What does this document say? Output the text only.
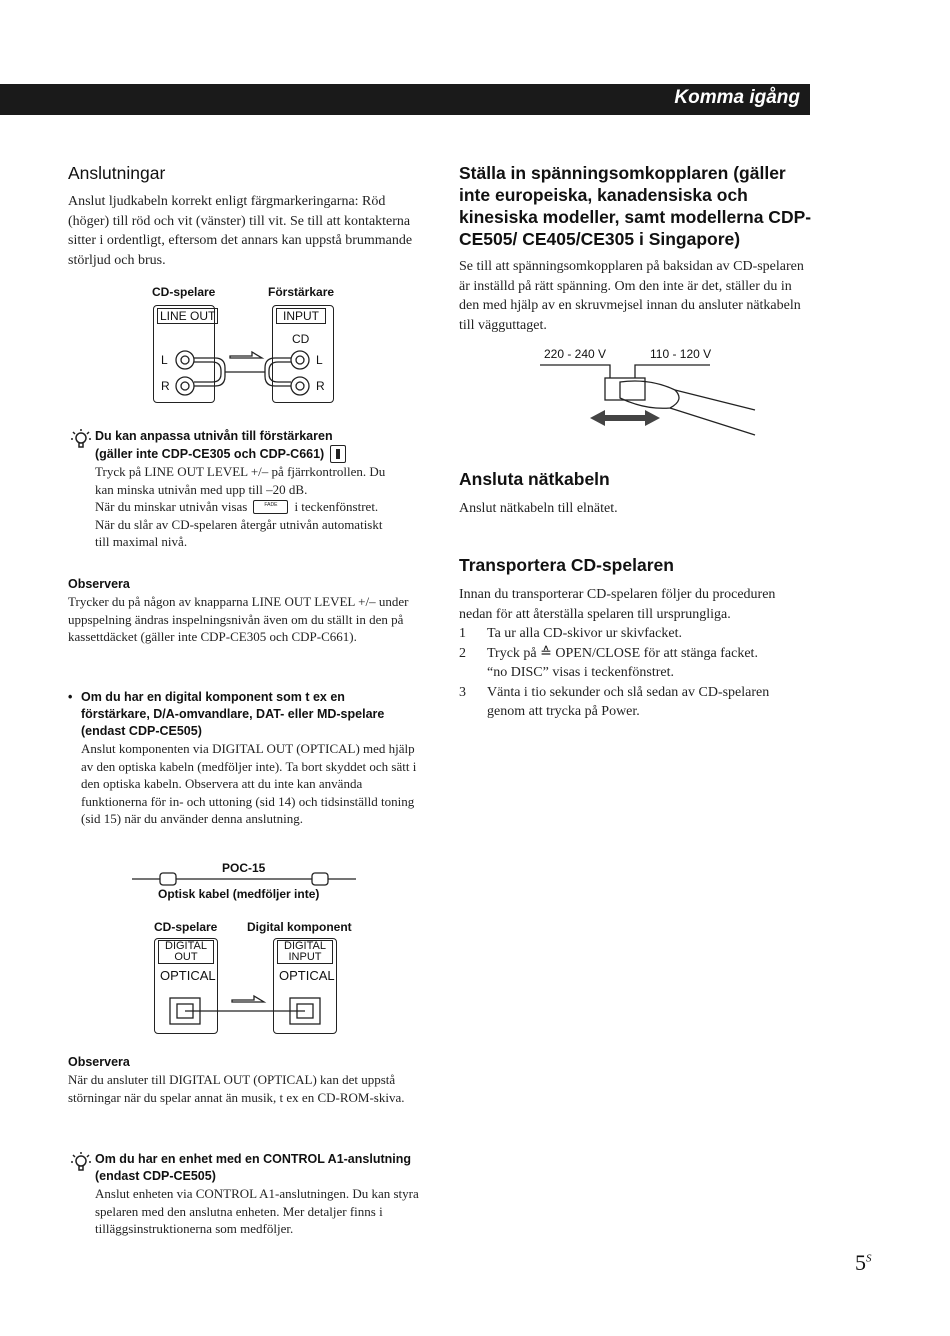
Komma igång
Anslutningar

Anslut ljudkabeln korrekt enligt färgmarkeringarna: Röd (höger) till röd och vit (vänster) till vit. Se till att kontakterna sitter i ordentligt, eftersom det annars kan uppstå brummande störljud och brus.

CD-spelare	Förstärkare
LINE OUT	INPUT
CD
L
R
L
R
Du kan anpassa utnivån till förstärkaren
(gäller inte CDP-CE305 och CDP-C661)
Tryck på LINE OUT LEVEL +/– på fjärrkontrollen. Du
kan minska utnivån med upp till –20 dB.
När du minskar utnivån visas	FADE	i teckenfönstret.
När du slår av CD-spelaren återgår utnivån automatiskt
till maximal nivå.
Observera
Trycker du på någon av knapparna LINE OUT LEVEL +/– under uppspelning ändras inspelningsnivån även om du ställt in den på kassettdäcket (gäller inte CDP-CE305 och CDP-C661).
• Om du har en digital komponent som t ex en
förstärkare, D/A-omvandlare, DAT- eller MD-spelare
(endast CDP-CE505)
Anslut komponenten via DIGITAL OUT (OPTICAL) med hjälp av den optiska kabeln (medföljer inte). Ta bort skyddet och sätt i den optiska kabeln. Observera att du inte kan använda funktionerna för in- och uttoning (sid 14) och tidsinställd toning (sid 15) när du använder denna anslutning.
POC-15
Optisk kabel (medföljer inte)
CD-spelare Digital komponent
DIGITAL
OUT
DIGITAL
INPUT
OPTICAL	OPTICAL
Observera
När du ansluter till DIGITAL OUT (OPTICAL) kan det uppstå störningar när du spelar annat än musik, t ex en CD-ROM-skiva.
Om du har en enhet med en CONTROL A1-anslutning
(endast CDP-CE505)
Anslut enheten via CONTROL A1-anslutningen. Du kan styra spelaren med den anslutna enheten. Mer detaljer finns i tilläggsinstruktionerna som medföljer.
Ställa in spänningsomkopplaren (gäller inte europeiska, kanadensiska och kinesiska modeller, samt modellerna CDP-CE505/ CE405/CE305 i Singapore)

Se till att spänningsomkopplaren på baksidan av CD-spelaren är inställd på rätt spänning. Om den inte är det, ställer du in den med hjälp av en skruvmejsel innan du ansluter nätkabeln till vägguttaget.

220 - 240 V	110 - 120 V
Ansluta nätkabeln

Anslut nätkabeln till elnätet.

Transportera CD-spelaren
Innan du transporterar CD-spelaren följer du proceduren nedan för att återställa spelaren till ursprungliga.
1	Ta ur alla CD-skivor ur skivfacket.
2	Tryck på ≙ OPEN/CLOSE för att stänga facket.
“no DISC” visas i teckenfönstret.
3	Vänta i tio sekunder och slå sedan av CD-spelaren
genom att trycka på Power.
$5^S$
